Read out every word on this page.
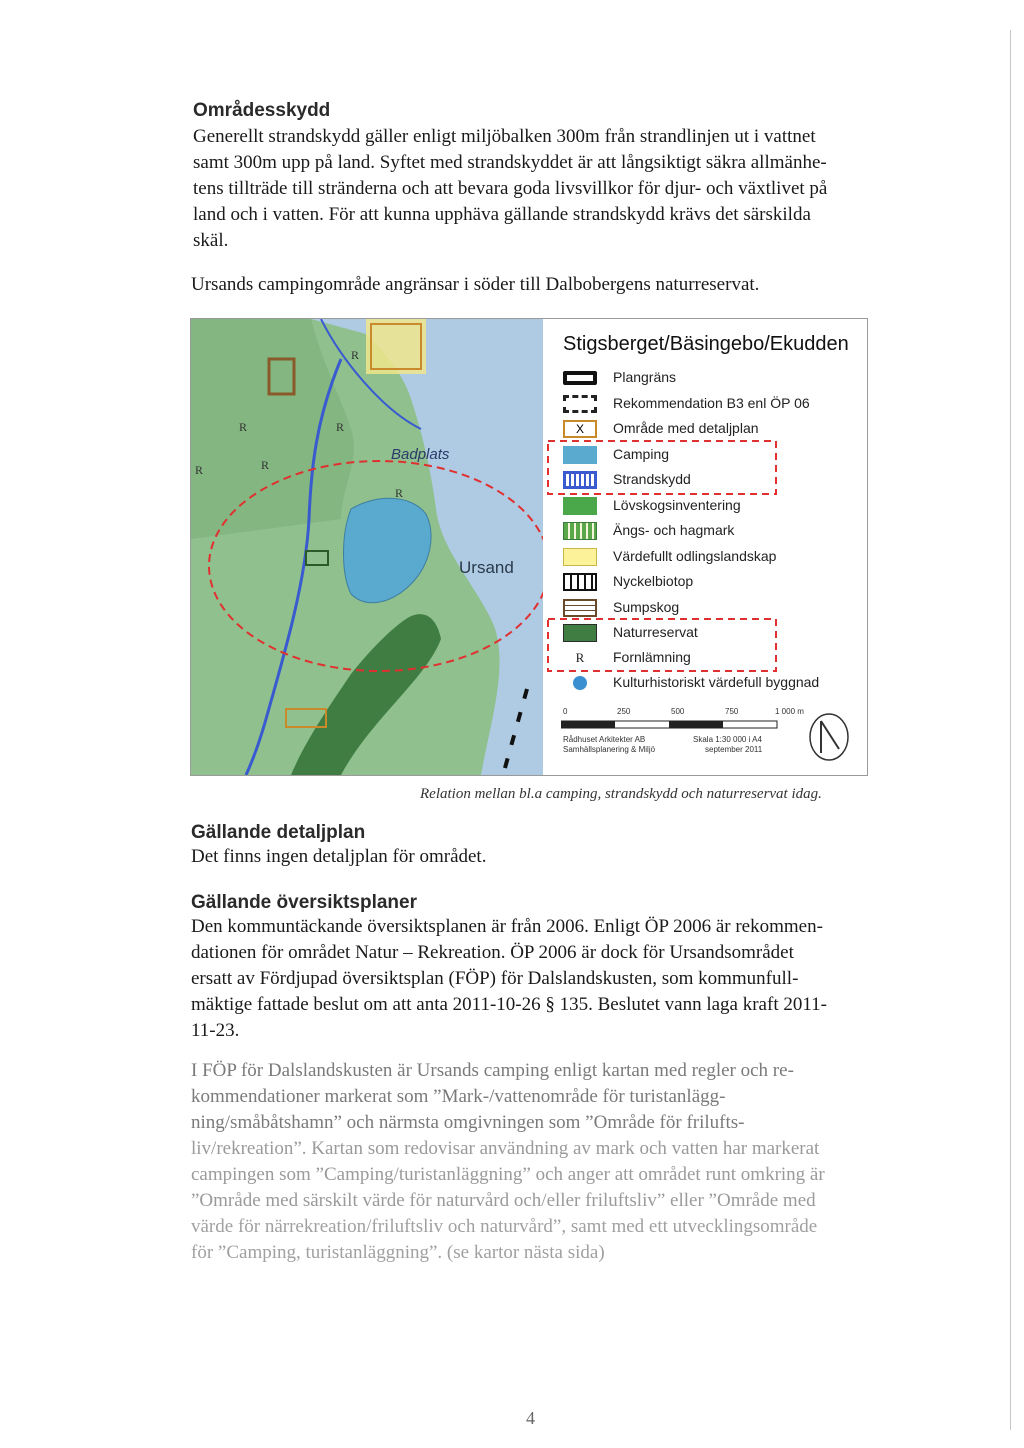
Områdesskydd
Generellt strandskydd gäller enligt miljöbalken 300m från strandlinjen ut i vattnet
samt 300m upp på land. Syftet med strandskyddet är att långsiktigt säkra allmänhe-
tens tillträde till stränderna och att bevara goda livsvillkor för djur- och växtlivet på
land och i vatten. För att kunna upphäva gällande strandskydd krävs det särskilda
skäl.
Ursands campingområde angränsar i söder till Dalbobergens naturreservat.
R	R
R
R
R
R
Badplats
Ursand
Stigsberget/Bäsingebo/Ekudden
Plangräns
Rekommendation B3 enl ÖP 06
X	Område med detaljplan
Camping
Strandskydd
Lövskogsinventering
Ängs- och hagmark
Värdefullt odlingslandskap
Nyckelbiotop
Sumpskog
Naturreservat
R	Fornlämning
Kulturhistoriskt värdefull byggnad
0	250	500	750	1 000 m
Rådhuset Arkitekter AB
Samhällsplanering & Miljö
Skala 1:30 000 i A4
september 2011
Relation mellan bl.a camping, strandskydd och naturreservat idag.
Gällande detaljplan
Det finns ingen detaljplan för området.
Gällande översiktsplaner
Den kommuntäckande översiktsplanen är från 2006. Enligt ÖP 2006 är rekommen-
dationen för området Natur – Rekreation. ÖP 2006 är dock för Ursandsområdet
ersatt av Fördjupad översiktsplan (FÖP) för Dalslandskusten, som kommunfull-
mäktige fattade beslut om att anta 2011-10-26 § 135. Beslutet vann laga kraft 2011-
11-23.
I FÖP för Dalslandskusten är Ursands camping enligt kartan med regler och re-
kommendationer markerat som ”Mark-/vattenområde för turistanlägg-
ning/småbåtshamn” och närmsta omgivningen som ”Område för frilufts-
liv/rekreation”. Kartan som redovisar användning av mark och vatten har markerat
campingen som ”Camping/turistanläggning” och anger att området runt omkring är
”Område med särskilt värde för naturvård och/eller friluftsliv” eller ”Område med
värde för närrekreation/friluftsliv och naturvård”, samt med ett utvecklingsområde
för ”Camping, turistanläggning”. (se kartor nästa sida)
4
